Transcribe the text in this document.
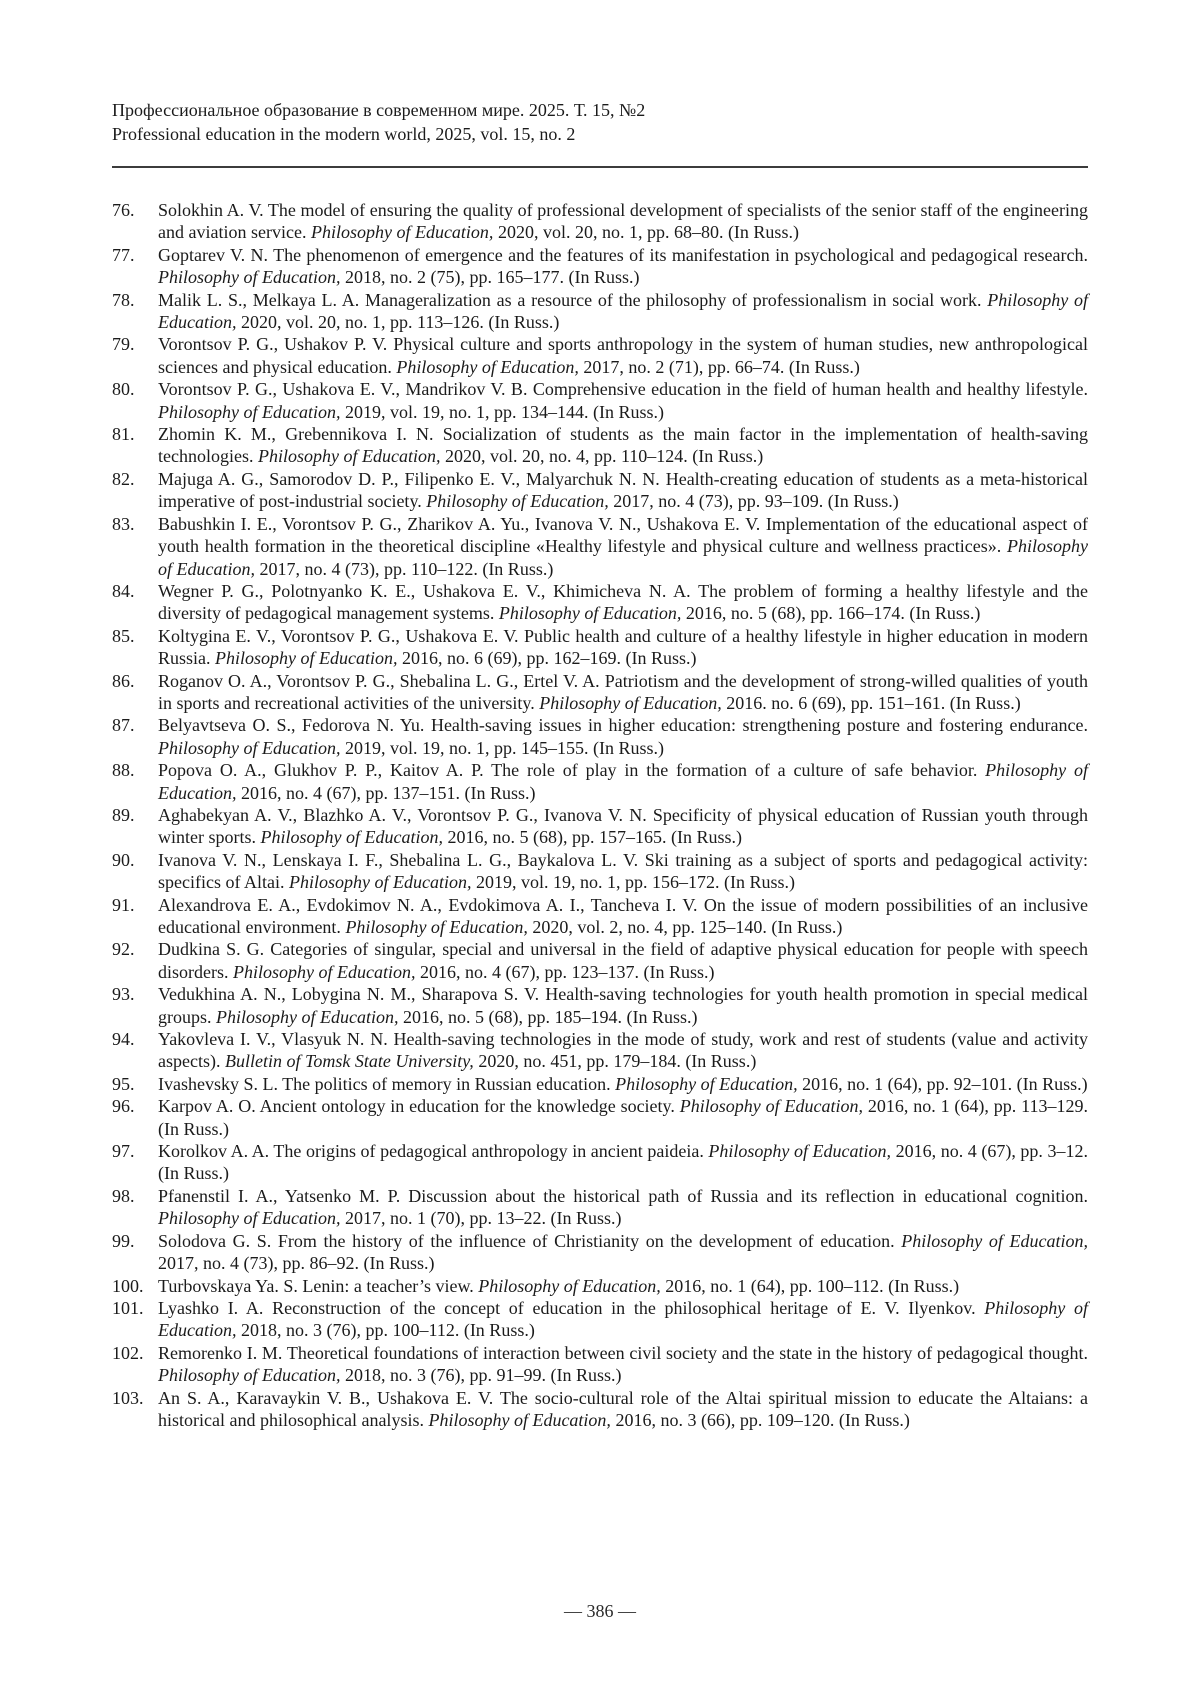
Профессиональное образование в современном мире. 2025. Т. 15, №2
Professional education in the modern world, 2025, vol. 15, no. 2
76. Solokhin A. V. The model of ensuring the quality of professional development of specialists of the senior staff of the engineering and aviation service. Philosophy of Education, 2020, vol. 20, no. 1, pp. 68–80. (In Russ.)
77. Goptarev V. N. The phenomenon of emergence and the features of its manifestation in psychological and pedagogical research. Philosophy of Education, 2018, no. 2 (75), pp. 165–177. (In Russ.)
78. Malik L. S., Melkaya L. A. Manageralization as a resource of the philosophy of professionalism in social work. Philosophy of Education, 2020, vol. 20, no. 1, pp. 113–126. (In Russ.)
79. Vorontsov P. G., Ushakov P. V. Physical culture and sports anthropology in the system of human studies, new anthropological sciences and physical education. Philosophy of Education, 2017, no. 2 (71), pp. 66–74. (In Russ.)
80. Vorontsov P. G., Ushakova E. V., Mandrikov V. B. Comprehensive education in the field of human health and healthy lifestyle. Philosophy of Education, 2019, vol. 19, no. 1, pp. 134–144. (In Russ.)
81. Zhomin K. M., Grebennikova I. N. Socialization of students as the main factor in the implementation of health-saving technologies. Philosophy of Education, 2020, vol. 20, no. 4, pp. 110–124. (In Russ.)
82. Majuga A. G., Samorodov D. P., Filipenko E. V., Malyarchuk N. N. Health-creating education of students as a meta-historical imperative of post-industrial society. Philosophy of Education, 2017, no. 4 (73), pp. 93–109. (In Russ.)
83. Babushkin I. E., Vorontsov P. G., Zharikov A. Yu., Ivanova V. N., Ushakova E. V. Implementation of the educational aspect of youth health formation in the theoretical discipline «Healthy lifestyle and physical culture and wellness practices». Philosophy of Education, 2017, no. 4 (73), pp. 110–122. (In Russ.)
84. Wegner P. G., Polotnyanko K. E., Ushakova E. V., Khimicheva N. A. The problem of forming a healthy lifestyle and the diversity of pedagogical management systems. Philosophy of Education, 2016, no. 5 (68), pp. 166–174. (In Russ.)
85. Koltygina E. V., Vorontsov P. G., Ushakova E. V. Public health and culture of a healthy lifestyle in higher education in modern Russia. Philosophy of Education, 2016, no. 6 (69), pp. 162–169. (In Russ.)
86. Roganov O. A., Vorontsov P. G., Shebalina L. G., Ertel V. A. Patriotism and the development of strong-willed qualities of youth in sports and recreational activities of the university. Philosophy of Education, 2016. no. 6 (69), pp. 151–161. (In Russ.)
87. Belyavtseva O. S., Fedorova N. Yu. Health-saving issues in higher education: strengthening posture and fostering endurance. Philosophy of Education, 2019, vol. 19, no. 1, pp. 145–155. (In Russ.)
88. Popova O. A., Glukhov P. P., Kaitov A. P. The role of play in the formation of a culture of safe behavior. Philosophy of Education, 2016, no. 4 (67), pp. 137–151. (In Russ.)
89. Aghabekyan A. V., Blazhko A. V., Vorontsov P. G., Ivanova V. N. Specificity of physical education of Russian youth through winter sports. Philosophy of Education, 2016, no. 5 (68), pp. 157–165. (In Russ.)
90. Ivanova V. N., Lenskaya I. F., Shebalina L. G., Baykalova L. V. Ski training as a subject of sports and pedagogical activity: specifics of Altai. Philosophy of Education, 2019, vol. 19, no. 1, pp. 156–172. (In Russ.)
91. Alexandrova E. A., Evdokimov N. A., Evdokimova A. I., Tancheva I. V. On the issue of modern possibilities of an inclusive educational environment. Philosophy of Education, 2020, vol. 2, no. 4, pp. 125–140. (In Russ.)
92. Dudkina S. G. Categories of singular, special and universal in the field of adaptive physical education for people with speech disorders. Philosophy of Education, 2016, no. 4 (67), pp. 123–137. (In Russ.)
93. Vedukhina A. N., Lobygina N. M., Sharapova S. V. Health-saving technologies for youth health promotion in special medical groups. Philosophy of Education, 2016, no. 5 (68), pp. 185–194. (In Russ.)
94. Yakovleva I. V., Vlasyuk N. N. Health-saving technologies in the mode of study, work and rest of students (value and activity aspects). Bulletin of Tomsk State University, 2020, no. 451, pp. 179–184. (In Russ.)
95. Ivashevsky S. L. The politics of memory in Russian education. Philosophy of Education, 2016, no. 1 (64), pp. 92–101. (In Russ.)
96. Karpov A. O. Ancient ontology in education for the knowledge society. Philosophy of Education, 2016, no. 1 (64), pp. 113–129. (In Russ.)
97. Korolkov A. A. The origins of pedagogical anthropology in ancient paideia. Philosophy of Education, 2016, no. 4 (67), pp. 3–12. (In Russ.)
98. Pfanenstil I. A., Yatsenko M. P. Discussion about the historical path of Russia and its reflection in educational cognition. Philosophy of Education, 2017, no. 1 (70), pp. 13–22. (In Russ.)
99. Solodova G. S. From the history of the influence of Christianity on the development of education. Philosophy of Education, 2017, no. 4 (73), pp. 86–92. (In Russ.)
100. Turbovskaya Ya. S. Lenin: a teacher’s view. Philosophy of Education, 2016, no. 1 (64), pp. 100–112. (In Russ.)
101. Lyashko I. A. Reconstruction of the concept of education in the philosophical heritage of E. V. Ilyenkov. Philosophy of Education, 2018, no. 3 (76), pp. 100–112. (In Russ.)
102. Remorenko I. M. Theoretical foundations of interaction between civil society and the state in the history of pedagogical thought. Philosophy of Education, 2018, no. 3 (76), pp. 91–99. (In Russ.)
103. An S. A., Karavaykin V. B., Ushakova E. V. The socio-cultural role of the Altai spiritual mission to educate the Altaians: a historical and philosophical analysis. Philosophy of Education, 2016, no. 3 (66), pp. 109–120. (In Russ.)
— 386 —
